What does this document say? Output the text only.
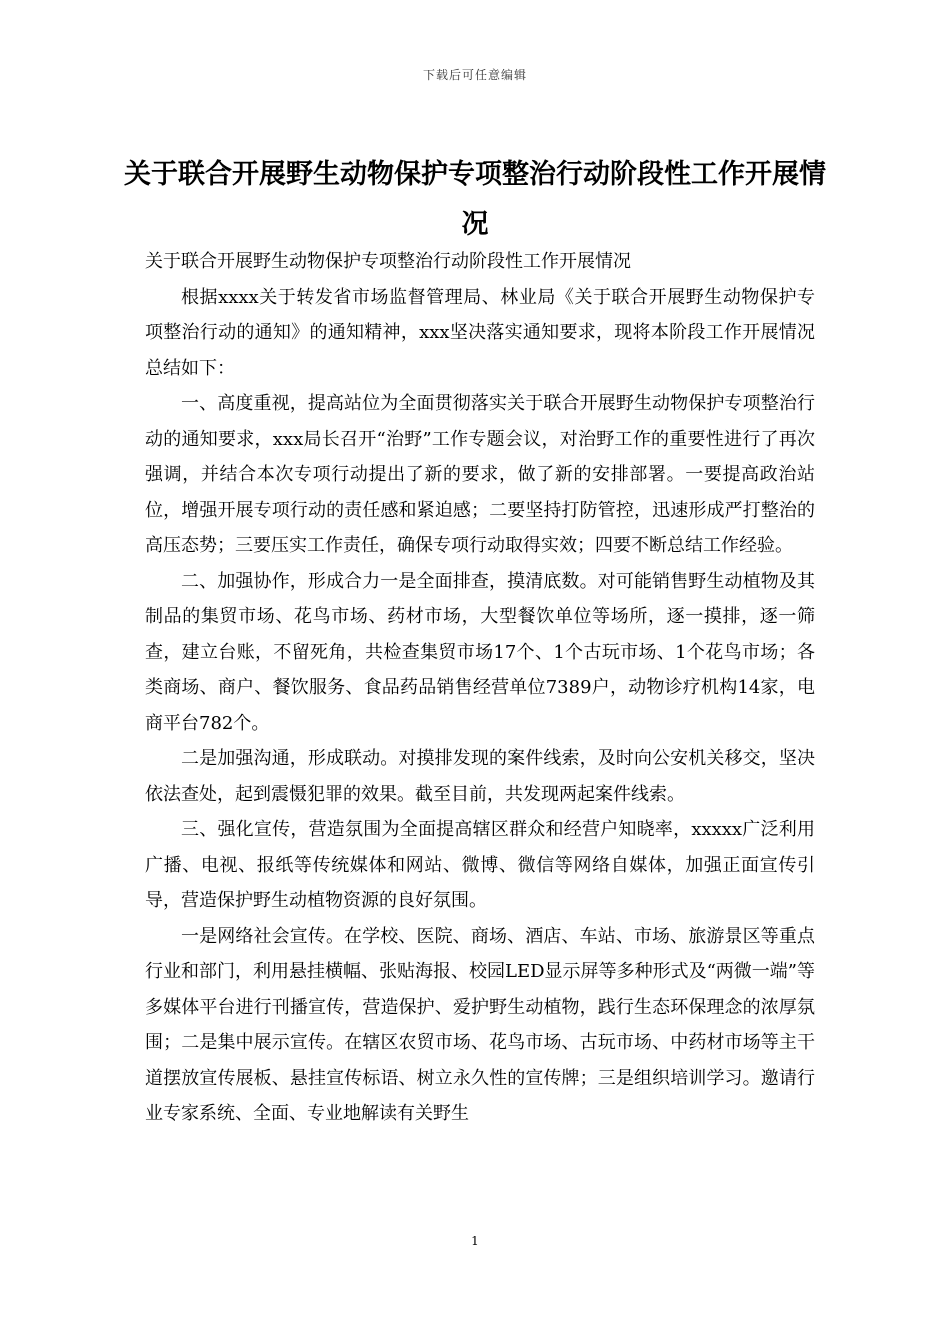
下载后可任意编辑
关于联合开展野生动物保护专项整治行动阶段性工作开展情况

关于联合开展野生动物保护专项整治行动阶段性工作开展情况

根据xxxx关于转发省市场监督管理局、林业局《关于联合开展野生动物保护专项整治行动的通知》的通知精神，xxx坚决落实通知要求，现将本阶段工作开展情况总结如下：

一、高度重视，提高站位为全面贯彻落实关于联合开展野生动物保护专项整治行动的通知要求，xxx局长召开“治野”工作专题会议，对治野工作的重要性进行了再次强调，并结合本次专项行动提出了新的要求，做了新的安排部署。一要提高政治站位，增强开展专项行动的责任感和紧迫感；二要坚持打防管控，迅速形成严打整治的高压态势；三要压实工作责任，确保专项行动取得实效；四要不断总结工作经验。

二、加强协作，形成合力一是全面排查，摸清底数。对可能销售野生动植物及其制品的集贸市场、花鸟市场、药材市场，大型餐饮单位等场所，逐一摸排，逐一筛查，建立台账，不留死角，共检查集贸市场17个、1个古玩市场、1个花鸟市场；各类商场、商户、餐饮服务、食品药品销售经营单位7389户，动物诊疗机构14家，电商平台782个。

二是加强沟通，形成联动。对摸排发现的案件线索，及时向公安机关移交，坚决依法查处，起到震慑犯罪的效果。截至目前，共发现两起案件线索。

三、强化宣传，营造氛围为全面提高辖区群众和经营户知晓率，xxxxx广泛利用广播、电视、报纸等传统媒体和网站、微博、微信等网络自媒体，加强正面宣传引导，营造保护野生动植物资源的良好氛围。

一是网络社会宣传。在学校、医院、商场、酒店、车站、市场、旅游景区等重点行业和部门，利用悬挂横幅、张贴海报、校园LED显示屏等多种形式及“两微一端”等多媒体平台进行刊播宣传，营造保护、爱护野生动植物，践行生态环保理念的浓厚氛围；二是集中展示宣传。在辖区农贸市场、花鸟市场、古玩市场、中药材市场等主干道摆放宣传展板、悬挂宣传标语、树立永久性的宣传牌；三是组织培训学习。邀请行业专家系统、全面、专业地解读有关野生

1
